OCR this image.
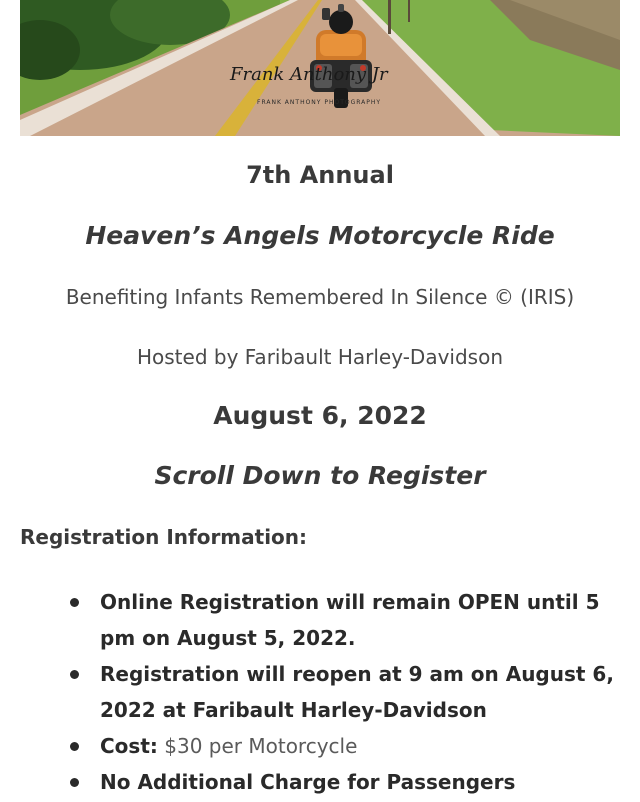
Frank Anthony Jr
FRANK ANTHONY PHOTOGRAPHY
7th Annual
Heaven’s Angels Motorcycle Ride
Benefiting Infants Remembered In Silence © (IRIS)
Hosted by Faribault Harley-Davidson
August 6, 2022
Scroll Down to Register
Registration Information:
Online Registration will remain OPEN until 5 pm on August 5, 2022.
Registration will reopen at 9 am on August 6, 2022 at Faribault Harley-Davidson
Cost: $30 per Motorcycle
No Additional Charge for Passengers
